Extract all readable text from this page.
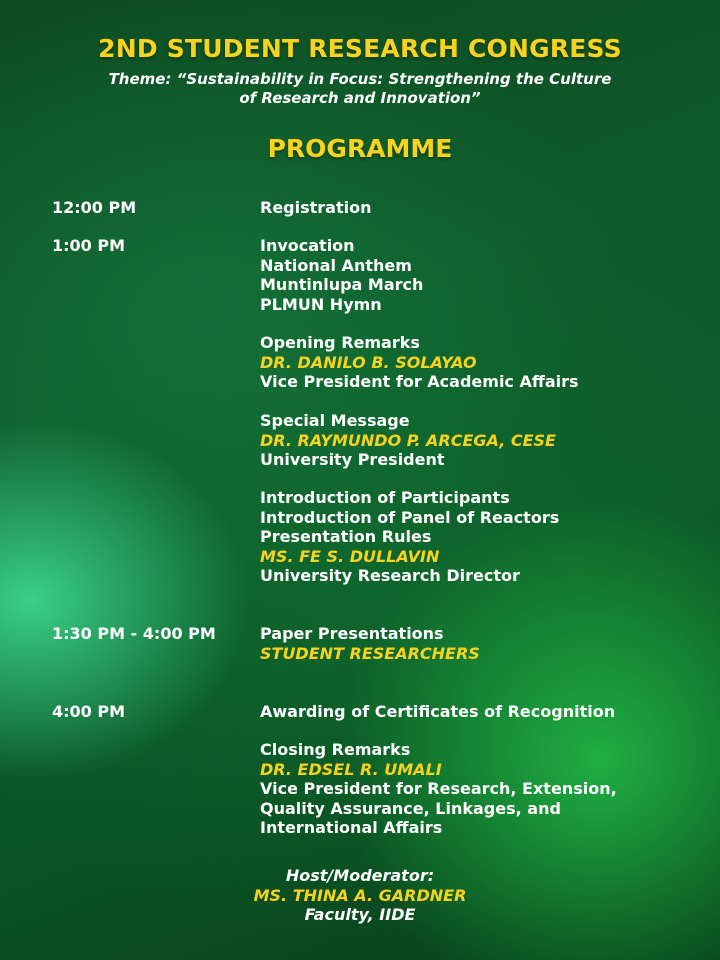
2ND STUDENT RESEARCH CONGRESS
Theme: “Sustainability in Focus: Strengthening the Culture
of Research and Innovation”
PROGRAMME
12:00 PM	Registration
1:00 PM	Invocation
National Anthem
Muntinlupa March
PLMUN Hymn
Opening Remarks
DR. DANILO B. SOLAYAO
Vice President for Academic Affairs
Special Message
DR. RAYMUNDO P. ARCEGA, CESE
University President
Introduction of Participants
Introduction of Panel of Reactors
Presentation Rules
MS. FE S. DULLAVIN
University Research Director
1:30 PM - 4:00 PM	Paper Presentations
STUDENT RESEARCHERS
4:00 PM	Awarding of Certificates of Recognition
Closing Remarks
DR. EDSEL R. UMALI
Vice President for Research, Extension,
Quality Assurance, Linkages, and
International Affairs
Host/Moderator:
MS. THINA A. GARDNER
Faculty, IIDE
